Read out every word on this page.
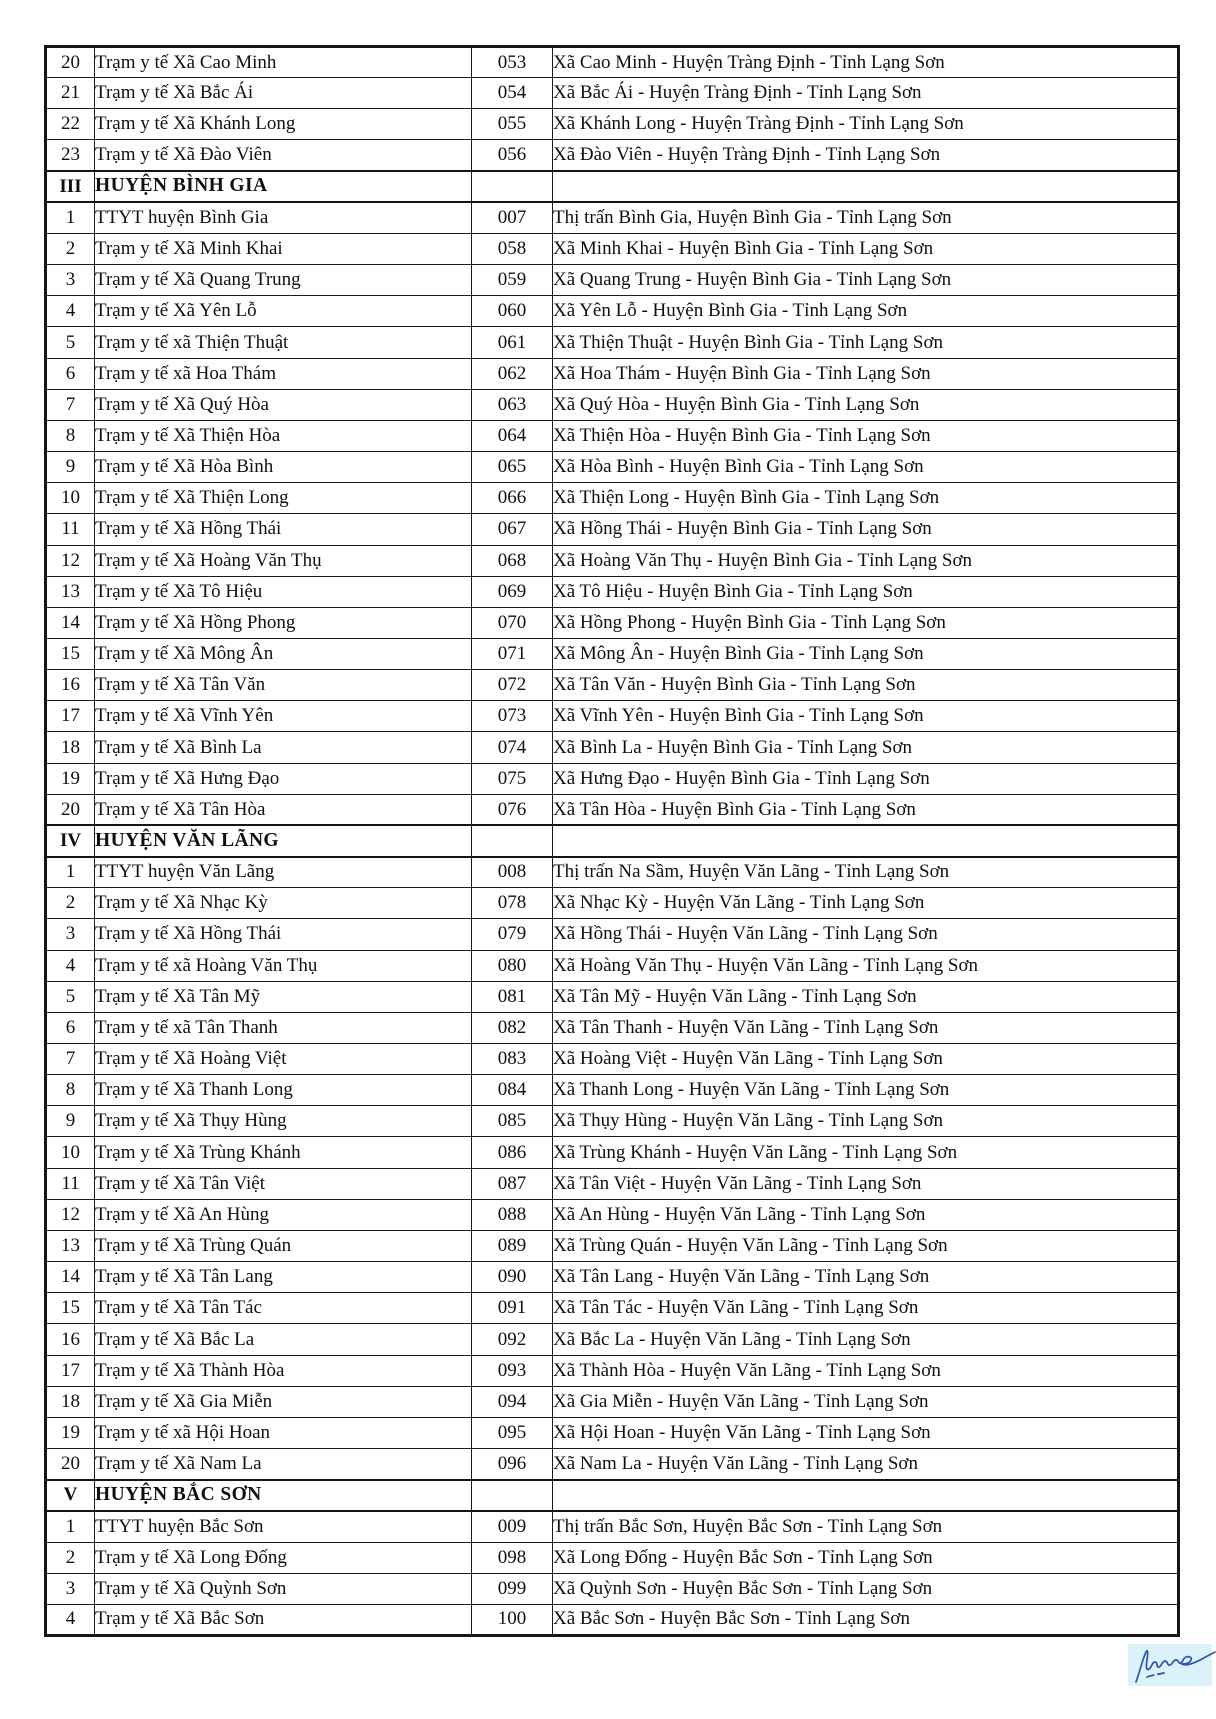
20	Trạm y tế Xã Cao Minh	053	Xã Cao Minh - Huyện Tràng Định - Tỉnh Lạng Sơn
21	Trạm y tế Xã Bắc Ái	054	Xã Bắc Ái - Huyện Tràng Định - Tỉnh Lạng Sơn
22	Trạm y tế Xã Khánh Long	055	Xã Khánh Long - Huyện Tràng Định - Tỉnh Lạng Sơn
23	Trạm y tế Xã Đào Viên	056	Xã Đào Viên - Huyện Tràng Định - Tỉnh Lạng Sơn
III	HUYỆN BÌNH GIA		
1	TTYT huyện Bình Gia	007	Thị trấn Bình Gia, Huyện Bình Gia - Tỉnh Lạng Sơn
2	Trạm y tế Xã Minh Khai	058	Xã Minh Khai - Huyện Bình Gia - Tỉnh Lạng Sơn
3	Trạm y tế Xã Quang Trung	059	Xã Quang Trung - Huyện Bình Gia - Tỉnh Lạng Sơn
4	Trạm y tế Xã Yên Lỗ	060	Xã Yên Lỗ - Huyện Bình Gia - Tỉnh Lạng Sơn
5	Trạm y tế xã Thiện Thuật	061	Xã Thiện Thuật - Huyện Bình Gia - Tỉnh Lạng Sơn
6	Trạm y tế xã Hoa Thám	062	Xã Hoa Thám - Huyện Bình Gia - Tỉnh Lạng Sơn
7	Trạm y tế Xã Quý Hòa	063	Xã Quý Hòa - Huyện Bình Gia - Tỉnh Lạng Sơn
8	Trạm y tế Xã Thiện Hòa	064	Xã Thiện Hòa - Huyện Bình Gia - Tỉnh Lạng Sơn
9	Trạm y tế Xã Hòa Bình	065	Xã Hòa Bình - Huyện Bình Gia - Tỉnh Lạng Sơn
10	Trạm y tế Xã Thiện Long	066	Xã Thiện Long - Huyện Bình Gia - Tỉnh Lạng Sơn
11	Trạm y tế Xã Hồng Thái	067	Xã Hồng Thái - Huyện Bình Gia - Tỉnh Lạng Sơn
12	Trạm y tế Xã Hoàng Văn Thụ	068	Xã Hoàng Văn Thụ - Huyện Bình Gia - Tỉnh Lạng Sơn
13	Trạm y tế Xã Tô Hiệu	069	Xã Tô Hiệu - Huyện Bình Gia - Tỉnh Lạng Sơn
14	Trạm y tế Xã Hồng Phong	070	Xã Hồng Phong - Huyện Bình Gia - Tỉnh Lạng Sơn
15	Trạm y tế Xã Mông Ân	071	Xã Mông Ân - Huyện Bình Gia - Tỉnh Lạng Sơn
16	Trạm y tế Xã Tân Văn	072	Xã Tân Văn - Huyện Bình Gia - Tỉnh Lạng Sơn
17	Trạm y tế Xã Vĩnh Yên	073	Xã Vĩnh Yên - Huyện Bình Gia - Tỉnh Lạng Sơn
18	Trạm y tế Xã Bình La	074	Xã Bình La - Huyện Bình Gia - Tỉnh Lạng Sơn
19	Trạm y tế Xã Hưng Đạo	075	Xã Hưng Đạo - Huyện Bình Gia - Tỉnh Lạng Sơn
20	Trạm y tế Xã Tân Hòa	076	Xã Tân Hòa - Huyện Bình Gia - Tỉnh Lạng Sơn
IV	HUYỆN VĂN LÃNG		
1	TTYT huyện Văn Lãng	008	Thị trấn Na Sầm, Huyện Văn Lãng - Tỉnh Lạng Sơn
2	Trạm y tế Xã Nhạc Kỳ	078	Xã Nhạc Kỳ - Huyện Văn Lãng - Tỉnh Lạng Sơn
3	Trạm y tế Xã Hồng Thái	079	Xã Hồng Thái - Huyện Văn Lãng - Tỉnh Lạng Sơn
4	Trạm y tế xã Hoàng Văn Thụ	080	Xã Hoàng Văn Thụ - Huyện Văn Lãng - Tỉnh Lạng Sơn
5	Trạm y tế Xã Tân Mỹ	081	Xã Tân Mỹ - Huyện Văn Lãng - Tỉnh Lạng Sơn
6	Trạm y tế xã Tân Thanh	082	Xã Tân Thanh - Huyện Văn Lãng - Tỉnh Lạng Sơn
7	Trạm y tế Xã Hoàng Việt	083	Xã Hoàng Việt - Huyện Văn Lãng - Tỉnh Lạng Sơn
8	Trạm y tế Xã Thanh Long	084	Xã Thanh Long - Huyện Văn Lãng - Tỉnh Lạng Sơn
9	Trạm y tế Xã Thụy Hùng	085	Xã Thụy Hùng - Huyện Văn Lãng - Tỉnh Lạng Sơn
10	Trạm y tế Xã Trùng Khánh	086	Xã Trùng Khánh - Huyện Văn Lãng - Tỉnh Lạng Sơn
11	Trạm y tế Xã Tân Việt	087	Xã Tân Việt - Huyện Văn Lãng - Tỉnh Lạng Sơn
12	Trạm y tế Xã An Hùng	088	Xã An Hùng - Huyện Văn Lãng - Tỉnh Lạng Sơn
13	Trạm y tế Xã Trùng Quán	089	Xã Trùng Quán - Huyện Văn Lãng - Tỉnh Lạng Sơn
14	Trạm y tế Xã Tân Lang	090	Xã Tân Lang - Huyện Văn Lãng - Tỉnh Lạng Sơn
15	Trạm y tế Xã Tân Tác	091	Xã Tân Tác - Huyện Văn Lãng - Tỉnh Lạng Sơn
16	Trạm y tế Xã Bắc La	092	Xã Bắc La - Huyện Văn Lãng - Tỉnh Lạng Sơn
17	Trạm y tế Xã Thành Hòa	093	Xã Thành Hòa - Huyện Văn Lãng - Tỉnh Lạng Sơn
18	Trạm y tế Xã Gia Miễn	094	Xã Gia Miễn - Huyện Văn Lãng - Tỉnh Lạng Sơn
19	Trạm y tế xã Hội Hoan	095	Xã Hội Hoan - Huyện Văn Lãng - Tỉnh Lạng Sơn
20	Trạm y tế Xã Nam La	096	Xã Nam La - Huyện Văn Lãng - Tỉnh Lạng Sơn
V	HUYỆN BẮC SƠN		
1	TTYT huyện Bắc Sơn	009	Thị trấn Bắc Sơn, Huyện Bắc Sơn - Tỉnh Lạng Sơn
2	Trạm y tế Xã Long Đống	098	Xã Long Đống - Huyện Bắc Sơn - Tỉnh Lạng Sơn
3	Trạm y tế Xã Quỳnh Sơn	099	Xã Quỳnh Sơn - Huyện Bắc Sơn - Tỉnh Lạng Sơn
4	Trạm y tế Xã Bắc Sơn	100	Xã Bắc Sơn - Huyện Bắc Sơn - Tỉnh Lạng Sơn
